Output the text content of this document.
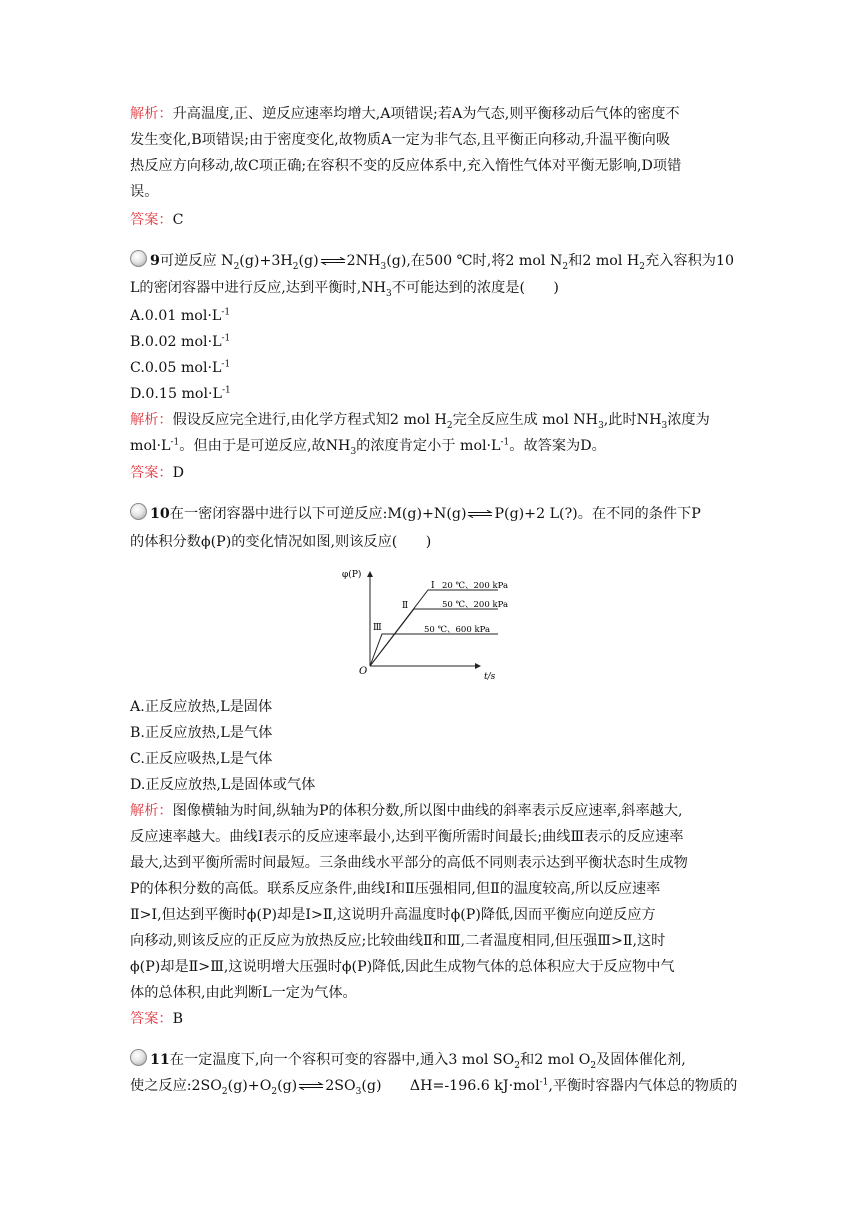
解析：升高温度,正、逆反应速率均增大,A项错误;若A为气态,则平衡移动后气体的密度不
发生变化,B项错误;由于密度变化,故物质A一定为非气态,且平衡正向移动,升温平衡向吸
热反应方向移动,故C项正确;在容积不变的反应体系中,充入惰性气体对平衡无影响,D项错
误。
答案：C
9可逆反应 $N_2(g)+3H_2(g)\rightleftharpoons 2NH_3(g)$,在500 ℃时,将2 mol $N_2$和2 mol $H_2$充入容积为10
L的密闭容器中进行反应,达到平衡时$,NH_3$不可能达到的浓度是(　　)
A.0.01 $mol\cdot L^{-1}$
B.0.02 $mol\cdot L^{-1}$
C.0.05 $mol\cdot L^{-1}$
D.0.15 $mol\cdot L^{-1}$
解析：假设反应完全进行,由化学方程式知2 mol $H_2$完全反应生成 mol $NH_3$,此时$NH_3$浓度为
$mol\cdot L^{-1}$。但由于是可逆反应,故$NH_3$的浓度肯定小于 $mol\cdot L^{-1}$。故答案为D。
答案：D
10在一密闭容器中进行以下可逆反应:M(g)+N(g)⇌P(g)+2 L(?)。在不同的条件下P
的体积分数ϕ(P)的变化情况如图,则该反应(　　)
φ(P)
t/s
O
I 20 ℃、200 kPa
Ⅱ	50 ℃、200 kPa
Ⅲ	50 ℃、600 kPa
A.正反应放热,L是固体
B.正反应放热,L是气体
C.正反应吸热,L是气体
D.正反应放热,L是固体或气体
解析：图像横轴为时间,纵轴为P的体积分数,所以图中曲线的斜率表示反应速率,斜率越大,
反应速率越大。曲线Ⅰ表示的反应速率最小,达到平衡所需时间最长;曲线Ⅲ表示的反应速率
最大,达到平衡所需时间最短。三条曲线水平部分的高低不同则表示达到平衡状态时生成物
P的体积分数的高低。联系反应条件,曲线Ⅰ和Ⅱ压强相同,但Ⅱ的温度较高,所以反应速率
Ⅱ>Ⅰ,但达到平衡时ϕ(P)却是Ⅰ>Ⅱ,这说明升高温度时ϕ(P)降低,因而平衡应向逆反应方
向移动,则该反应的正反应为放热反应;比较曲线Ⅱ和Ⅲ,二者温度相同,但压强Ⅲ>Ⅱ,这时
ϕ(P)却是Ⅱ>Ⅲ,这说明增大压强时ϕ(P)降低,因此生成物气体的总体积应大于反应物中气
体的总体积,由此判断L一定为气体。
答案：B
11在一定温度下,向一个容积可变的容器中,通入3 mol $SO_2$和2 mol $O_2$及固体催化剂,
使之反应$:2SO_2(g)+O_2(g)\rightleftharpoons 2SO_3(g)$　　ΔH=-196.6 kJ·mol$^{-1}$,平衡时容器内气体总的物质的
